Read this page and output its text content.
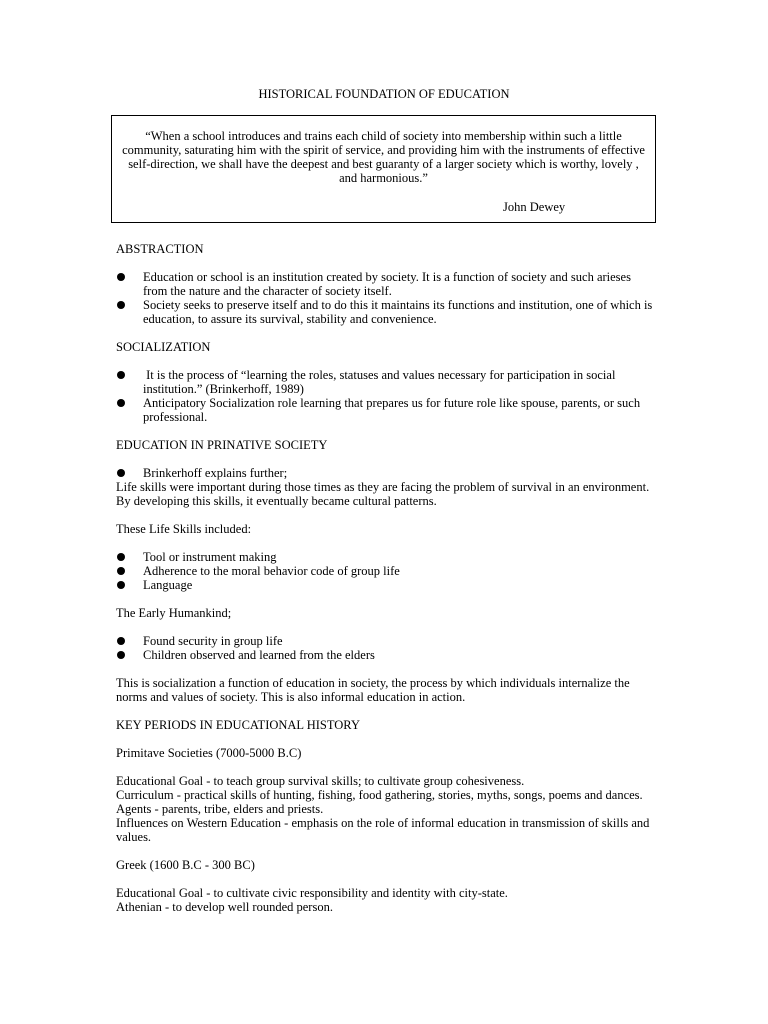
HISTORICAL FOUNDATION OF EDUCATION
“When a school introduces and trains each child of society into membership within such a little community, saturating him with the spirit of service, and providing him with the instruments of effective self-direction, we shall have the deepest and best guaranty of a larger society which is worthy, lovely , and harmonious.”
John Dewey
ABSTRACTION
Education or school is an institution created by society. It is a function of society and such arieses from the nature and the character of society itself.
Society seeks to preserve itself and to do this it maintains its functions and institution, one of which is education, to assure its survival, stability and convenience.
SOCIALIZATION
It is the process of “learning the roles, statuses and values necessary for participation in social institution.” (Brinkerhoff, 1989)
Anticipatory Socialization role learning that prepares us for future role like spouse, parents, or such professional.
EDUCATION IN PRINATIVE SOCIETY
Brinkerhoff explains further;

Life skills were important during those times as they are facing the problem of survival in an environment. By developing this skills, it eventually became cultural patterns.

These Life Skills included:

Tool or instrument making
Adherence to the moral behavior code of group life
Language

The Early Humankind;

Found security in group life
Children observed and learned from the elders

This is socialization a function of education in society, the process by which individuals internalize the norms and values of society. This is also informal education in action.

KEY PERIODS IN EDUCATIONAL HISTORY

Primitave Societies (7000-5000 B.C)

Educational Goal - to teach group survival skills; to cultivate group cohesiveness.
Curriculum - practical skills of hunting, fishing, food gathering, stories, myths, songs, poems and dances.
Agents - parents, tribe, elders and priests.
Influences on Western Education - emphasis on the role of informal education in transmission of skills and values.

Greek (1600 B.C - 300 BC)

Educational Goal - to cultivate civic responsibility and identity with city-state.
Athenian - to develop well rounded person.
